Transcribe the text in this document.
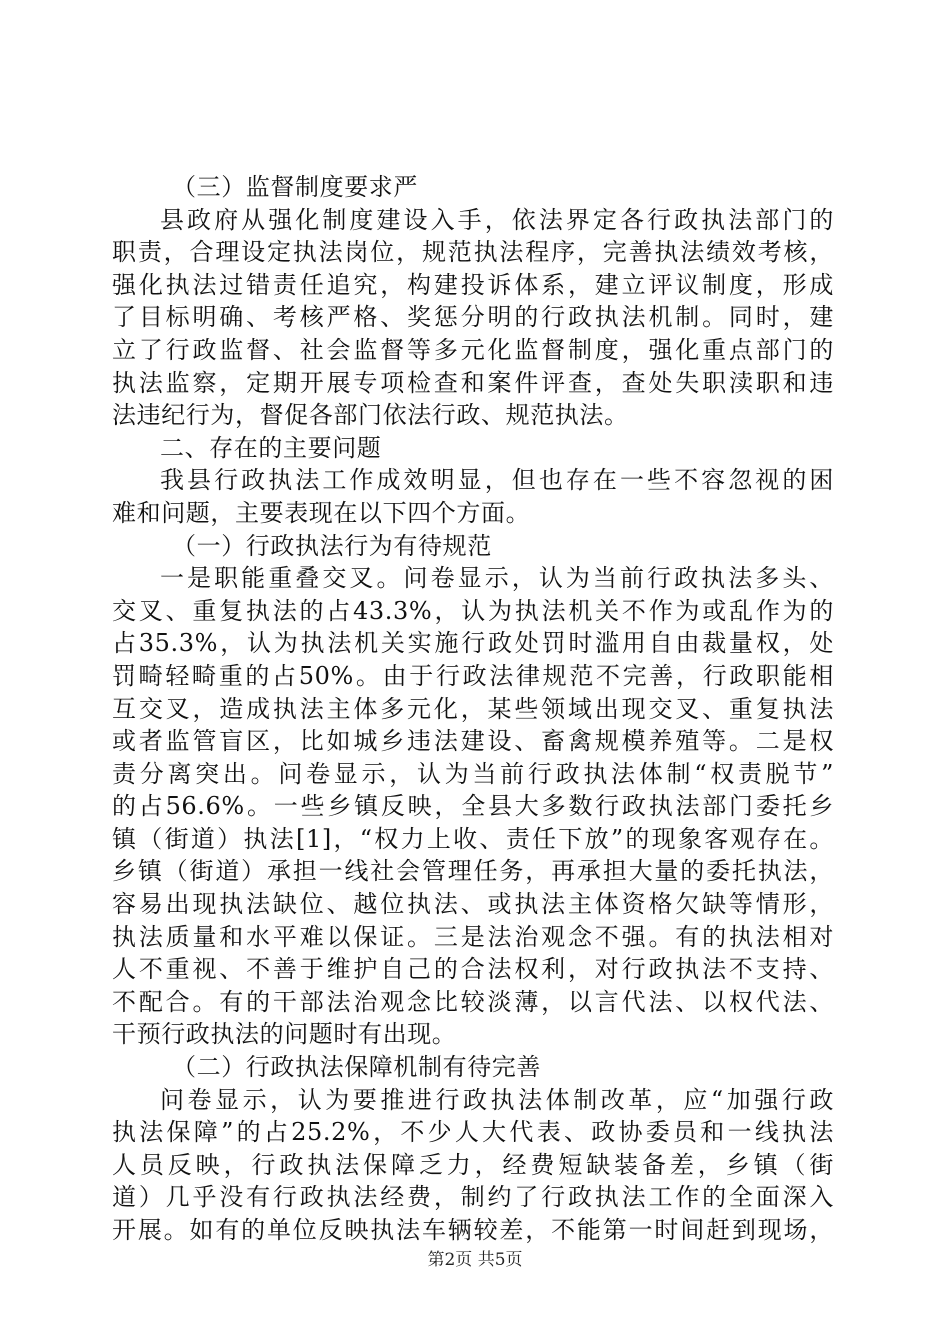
（三）监督制度要求严
县政府从强化制度建设入手，依法界定各行政执法部门的
职责，合理设定执法岗位，规范执法程序，完善执法绩效考核，
强化执法过错责任追究，构建投诉体系，建立评议制度，形成
了目标明确、考核严格、奖惩分明的行政执法机制。同时，建
立了行政监督、社会监督等多元化监督制度，强化重点部门的
执法监察，定期开展专项检查和案件评查，查处失职渎职和违
法违纪行为，督促各部门依法行政、规范执法。
二、存在的主要问题
我县行政执法工作成效明显，但也存在一些不容忽视的困
难和问题，主要表现在以下四个方面。
（一）行政执法行为有待规范
一是职能重叠交叉。问卷显示，认为当前行政执法多头、
交叉、重复执法的占43.3%，认为执法机关不作为或乱作为的
占35.3%，认为执法机关实施行政处罚时滥用自由裁量权，处
罚畸轻畸重的占50%。由于行政法律规范不完善，行政职能相
互交叉，造成执法主体多元化，某些领域出现交叉、重复执法
或者监管盲区，比如城乡违法建设、畜禽规模养殖等。二是权
责分离突出。问卷显示，认为当前行政执法体制“权责脱节”
的占56.6%。一些乡镇反映，全县大多数行政执法部门委托乡
镇（街道）执法[1]，“权力上收、责任下放”的现象客观存在。
乡镇（街道）承担一线社会管理任务，再承担大量的委托执法，
容易出现执法缺位、越位执法、或执法主体资格欠缺等情形，
执法质量和水平难以保证。三是法治观念不强。有的执法相对
人不重视、不善于维护自己的合法权利，对行政执法不支持、
不配合。有的干部法治观念比较淡薄，以言代法、以权代法、
干预行政执法的问题时有出现。
（二）行政执法保障机制有待完善
问卷显示，认为要推进行政执法体制改革，应“加强行政
执法保障”的占25.2%，不少人大代表、政协委员和一线执法
人员反映，行政执法保障乏力，经费短缺装备差，乡镇（街
道）几乎没有行政执法经费，制约了行政执法工作的全面深入
开展。如有的单位反映执法车辆较差，不能第一时间赶到现场，
第2页 共5页
